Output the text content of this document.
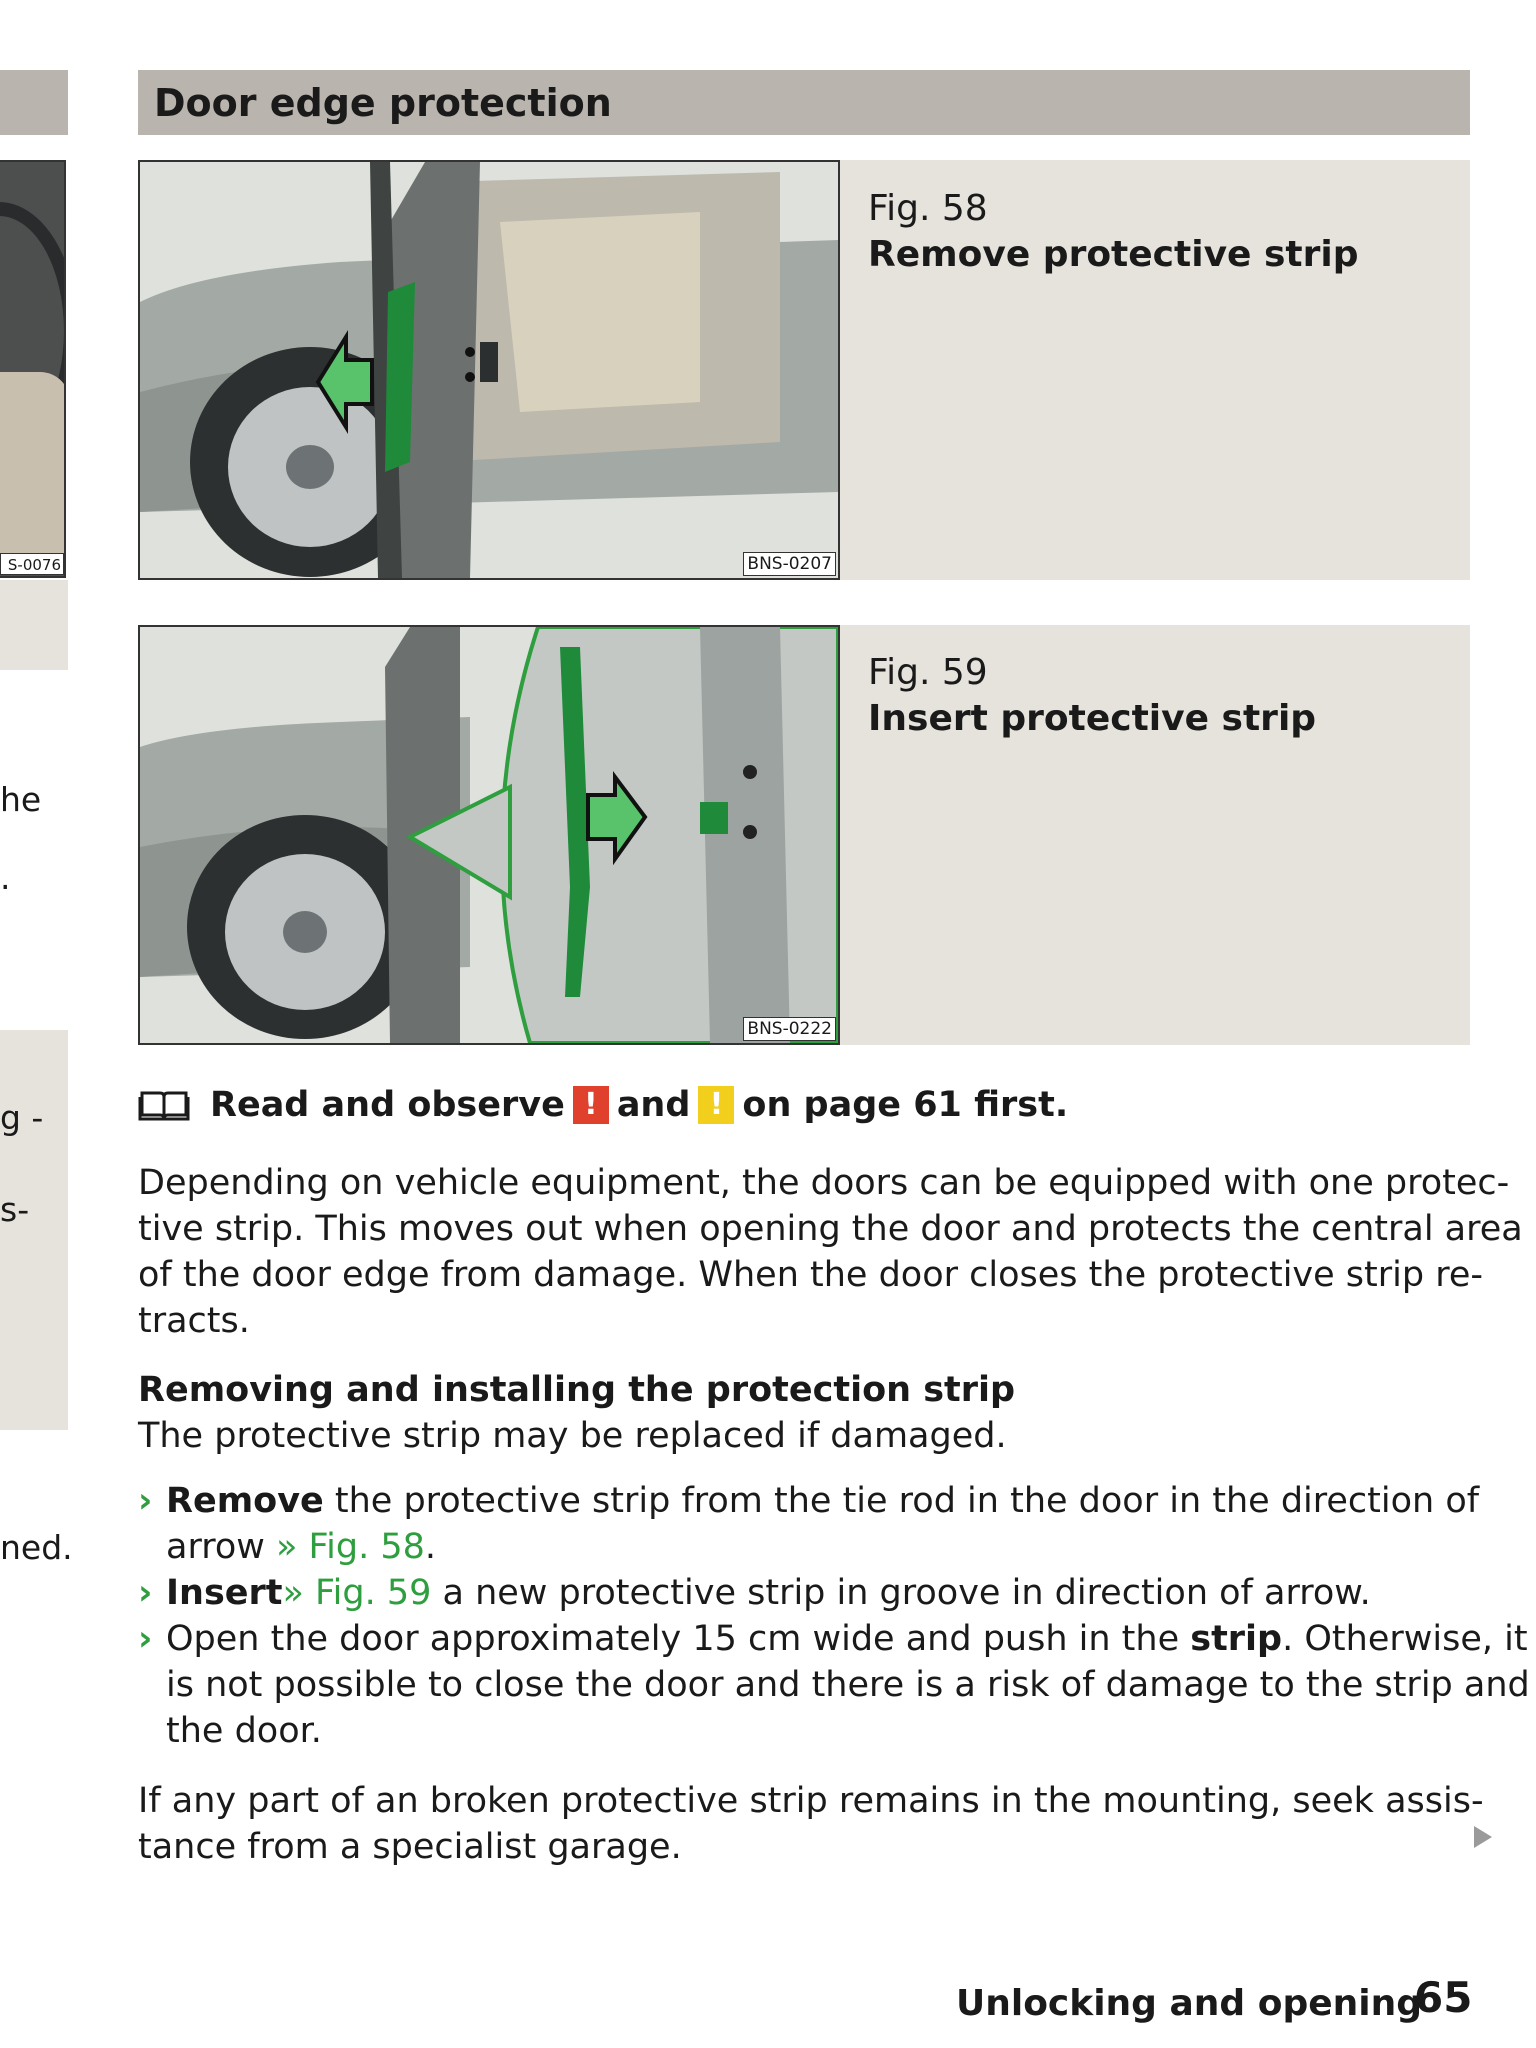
S-0076
he
.
g -
s-
ned.
Door edge protection
BNS-0207
Fig. 58
Remove protective strip
BNS-0222
Fig. 59
Insert protective strip
Read and observe ! and ! on page 61 first.
Depending on vehicle equipment, the doors can be equipped with one protec-
tive strip. This moves out when opening the door and protects the central area
of the door edge from damage. When the door closes the protective strip re-
tracts.
Removing and installing the protection strip
The protective strip may be replaced if damaged.
› Remove the protective strip from the tie rod in the door in the direction of
arrow » Fig. 58.
› Insert» Fig. 59 a new protective strip in groove in direction of arrow.
› Open the door approximately 15 cm wide and push in the strip. Otherwise, it
is not possible to close the door and there is a risk of damage to the strip and
the door.
If any part of an broken protective strip remains in the mounting, seek assis-
tance from a specialist garage.
Unlocking and opening
65
